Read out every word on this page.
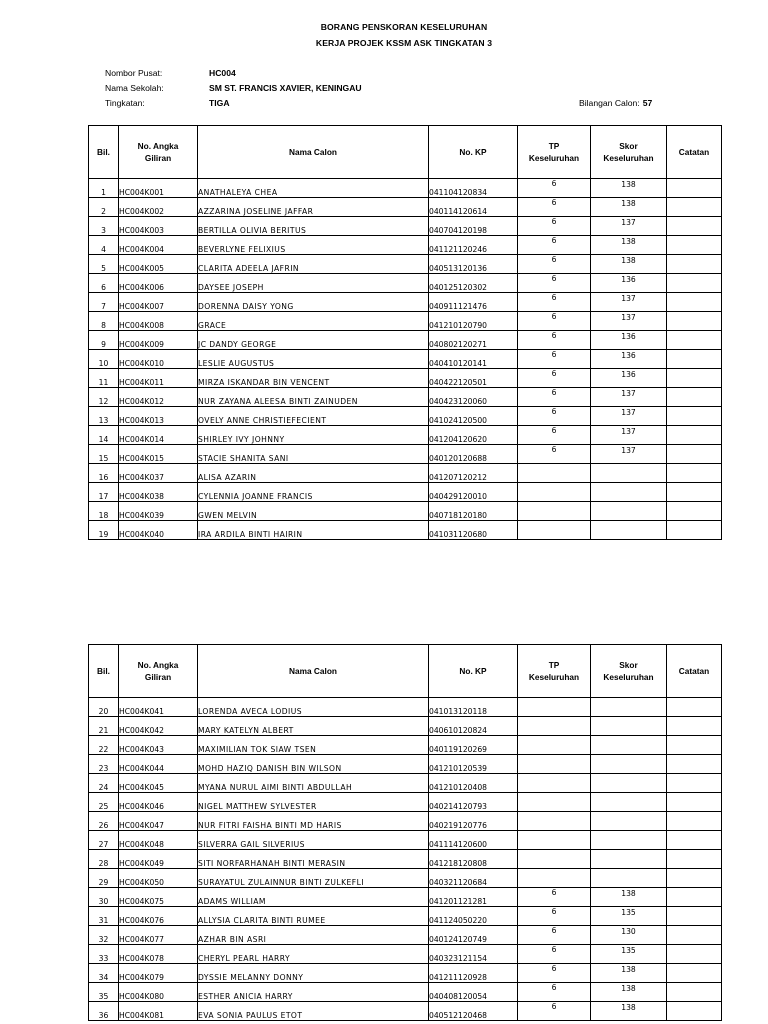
BORANG PENSKORAN KESELURUHAN
KERJA PROJEK KSSM ASK TINGKATAN 3
Nombor Pusat:	HC004
Nama Sekolah:	SM ST. FRANCIS XAVIER, KENINGAU
Tingkatan:	TIGA	Bilangan Calon: 57
Bil.	No. Angka Giliran	Nama Calon	No. KP	TP Keseluruhan	Skor Keseluruhan	Catatan
1	HC004K001	ANATHALEYA CHEA	041104120834	6	138	
2	HC004K002	AZZARINA JOSELINE JAFFAR	040114120614	6	138	
3	HC004K003	BERTILLA OLIVIA BERITUS	040704120198	6	137	
4	HC004K004	BEVERLYNE FELIXIUS	041121120246	6	138	
5	HC004K005	CLARITA ADEELA JAFRIN	040513120136	6	138	
6	HC004K006	DAYSEE JOSEPH	040125120302	6	136	
7	HC004K007	DORENNA DAISY YONG	040911121476	6	137	
8	HC004K008	GRACE	041210120790	6	137	
9	HC004K009	JC DANDY GEORGE	040802120271	6	136	
10	HC004K010	LESLIE AUGUSTUS	040410120141	6	136	
11	HC004K011	MIRZA ISKANDAR BIN VENCENT	040422120501	6	136	
12	HC004K012	NUR ZAYANA ALEESA BINTI ZAINUDEN	040423120060	6	137	
13	HC004K013	OVELY ANNE CHRISTIEFECIENT	041024120500	6	137	
14	HC004K014	SHIRLEY IVY JOHNNY	041204120620	6	137	
15	HC004K015	STACIE SHANITA SANI	040120120688	6	137	
16	HC004K037	ALISA AZARIN	041207120212			
17	HC004K038	CYLENNIA JOANNE FRANCIS	040429120010			
18	HC004K039	GWEN MELVIN	040718120180			
19	HC004K040	IRA ARDILA BINTI HAIRIN	041031120680			
Bil.	No. Angka Giliran	Nama Calon	No. KP	TP Keseluruhan	Skor Keseluruhan	Catatan
20	HC004K041	LORENDA AVECA LODIUS	041013120118			
21	HC004K042	MARY KATELYN ALBERT	040610120824			
22	HC004K043	MAXIMILIAN TOK SIAW TSEN	040119120269			
23	HC004K044	MOHD HAZIQ DANISH BIN WILSON	041210120539			
24	HC004K045	MYANA NURUL AIMI BINTI ABDULLAH	041210120408			
25	HC004K046	NIGEL MATTHEW SYLVESTER	040214120793			
26	HC004K047	NUR FITRI FAISHA BINTI MD HARIS	040219120776			
27	HC004K048	SILVERRA GAIL SILVERIUS	041114120600			
28	HC004K049	SITI NORFARHANAH BINTI MERASIN	041218120808			
29	HC004K050	SURAYATUL ZULAINNUR BINTI ZULKEFLI	040321120684			
30	HC004K075	ADAMS WILLIAM	041201121281	6	138	
31	HC004K076	ALLYSIA CLARITA BINTI RUMEE	041124050220	6	135	
32	HC004K077	AZHAR BIN ASRI	040124120749	6	130	
33	HC004K078	CHERYL PEARL HARRY	040323121154	6	135	
34	HC004K079	DYSSIE MELANNY DONNY	041211120928	6	138	
35	HC004K080	ESTHER ANICIA HARRY	040408120054	6	138	
36	HC004K081	EVA SONIA PAULUS ETOT	040512120468	6	138	
